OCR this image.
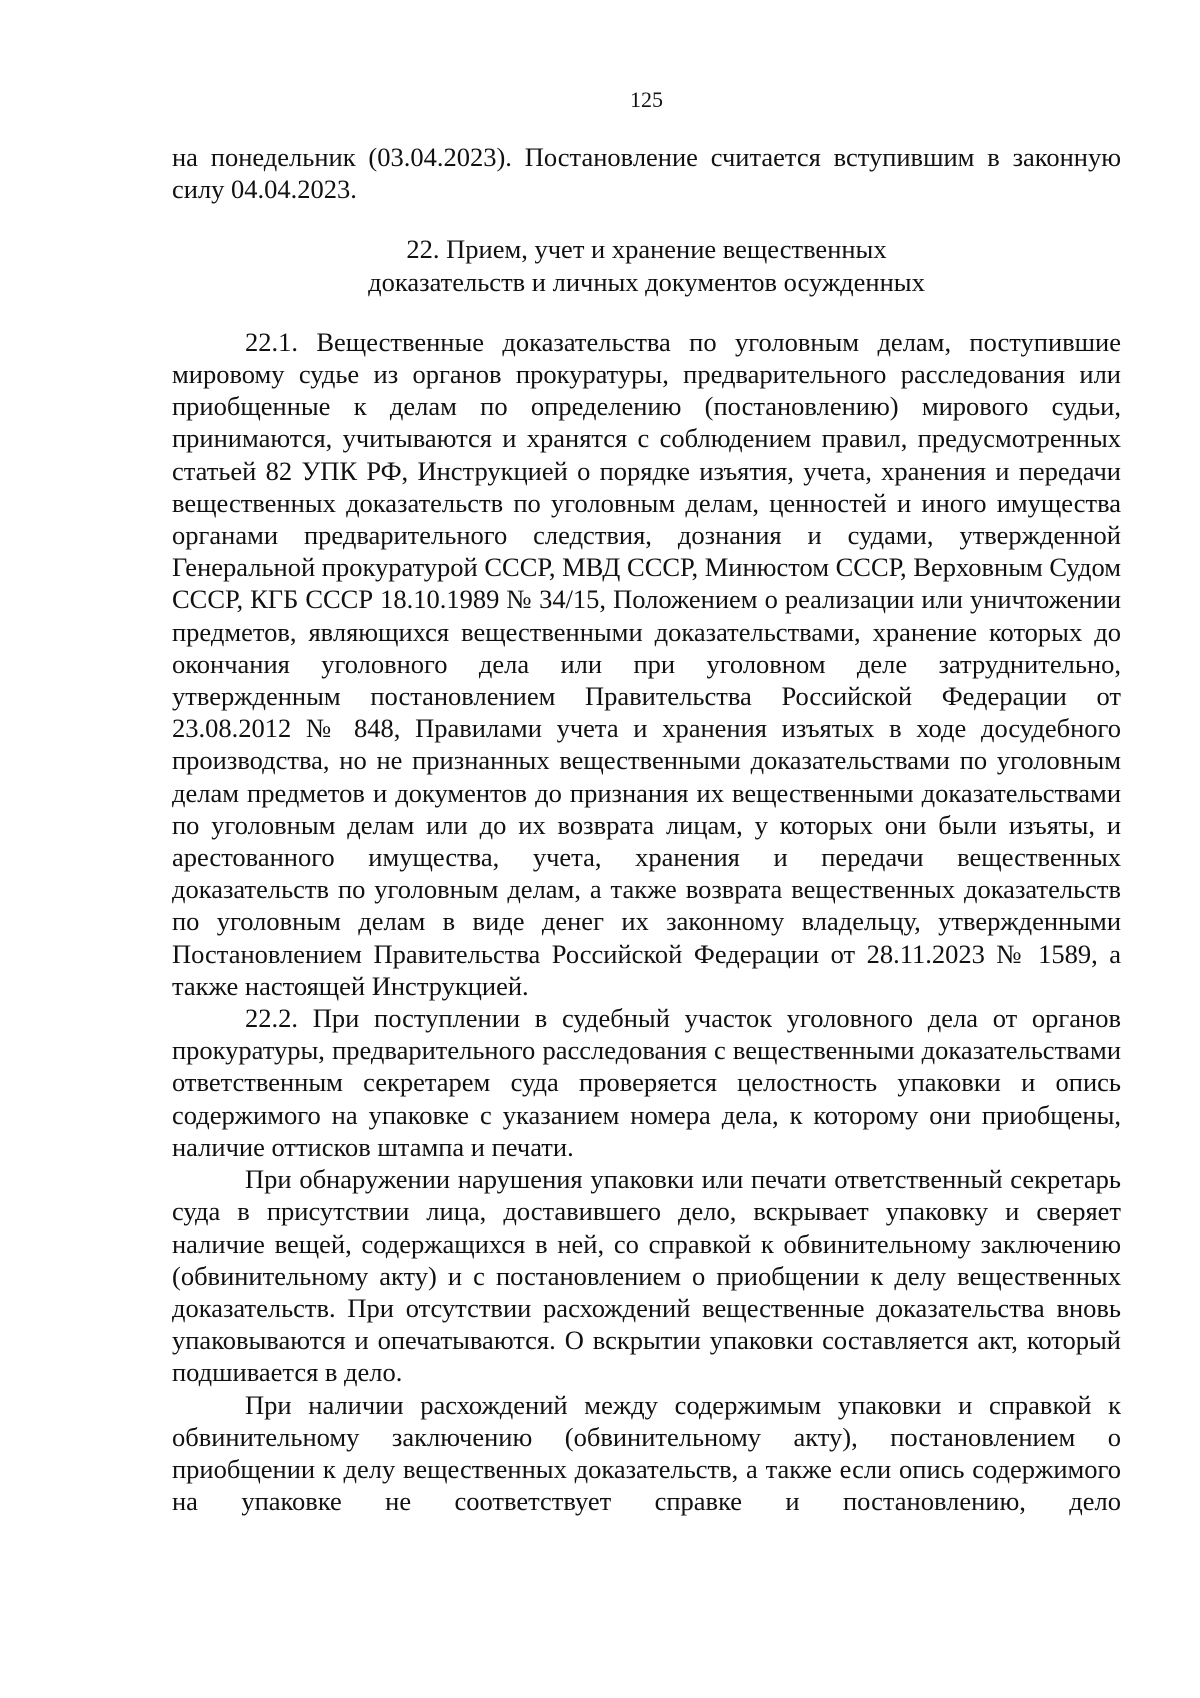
125

на понедельник (03.04.2023). Постановление считается вступившим в законную силу 04.04.2023.

22. Прием, учет и хранение вещественных
доказательств и личных документов осужденных

22.1. Вещественные доказательства по уголовным делам, поступившие мировому судье из органов прокуратуры, предварительного расследования или приобщенные к делам по определению (постановлению) мирового судьи, принимаются, учитываются и хранятся с соблюдением правил, предусмотренных статьей 82 УПК РФ, Инструкцией о порядке изъятия, учета, хранения и передачи вещественных доказательств по уголовным делам, ценностей и иного имущества органами предварительного следствия, дознания и судами, утвержденной Генеральной прокуратурой СССР, МВД СССР, Минюстом СССР, Верховным Судом СССР, КГБ СССР 18.10.1989 № 34/15, Положением о реализации или уничтожении предметов, являющихся вещественными доказательствами, хранение которых до окончания уголовного дела или при уголовном деле затруднительно, утвержденным постановлением Правительства Российской Федерации от 23.08.2012 № 848, Правилами учета и хранения изъятых в ходе досудебного производства, но не признанных вещественными доказательствами по уголовным делам предметов и документов до признания их вещественными доказательствами по уголовным делам или до их возврата лицам, у которых они были изъяты, и арестованного имущества, учета, хранения и передачи вещественных доказательств по уголовным делам, а также возврата вещественных доказательств по уголовным делам в виде денег их законному владельцу, утвержденными Постановлением Правительства Российской Федерации от 28.11.2023 № 1589, а также настоящей Инструкцией.

22.2. При поступлении в судебный участок уголовного дела от органов прокуратуры, предварительного расследования с вещественными доказательствами ответственным секретарем суда проверяется целостность упаковки и опись содержимого на упаковке с указанием номера дела, к которому они приобщены, наличие оттисков штампа и печати.

При обнаружении нарушения упаковки или печати ответственный секретарь суда в присутствии лица, доставившего дело, вскрывает упаковку и сверяет наличие вещей, содержащихся в ней, со справкой к обвинительному заключению (обвинительному акту) и с постановлением о приобщении к делу вещественных доказательств. При отсутствии расхождений вещественные доказательства вновь упаковываются и опечатываются. О вскрытии упаковки составляется акт, который подшивается в дело.

При наличии расхождений между содержимым упаковки и справкой к обвинительному заключению (обвинительному акту), постановлением о приобщении к делу вещественных доказательств, а также если опись содержимого на упаковке не соответствует справке и постановлению, дело
